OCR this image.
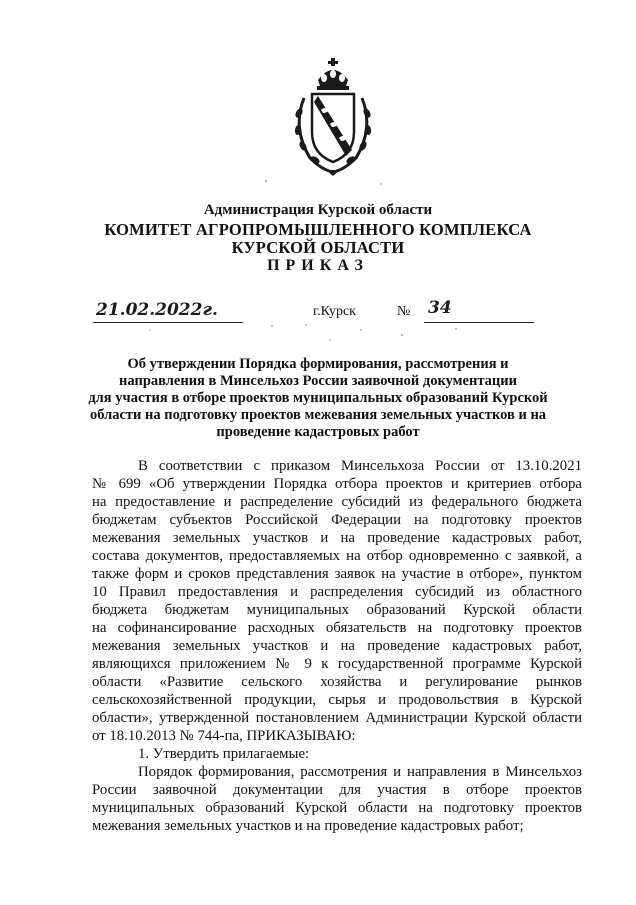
Администрация Курской области
КОМИТЕТ АГРОПРОМЫШЛЕННОГО КОМПЛЕКСА
КУРСКОЙ ОБЛАСТИ
ПРИКАЗ
21.02.2022г.	г.Курск	№ 34
Об утверждении Порядка формирования, рассмотрения и
направления в Минсельхоз России заявочной документации
для участия в отборе проектов муниципальных образований Курской
области на подготовку проектов межевания земельных участков и на
проведение кадастровых работ
В соответствии с приказом Минсельхоза России от 13.10.2021
№ 699 «Об утверждении Порядка отбора проектов и критериев отбора
на предоставление и распределение субсидий из федерального бюджета
бюджетам субъектов Российской Федерации на подготовку проектов
межевания земельных участков и на проведение кадастровых работ,
состава документов, предоставляемых на отбор одновременно с заявкой, а
также форм и сроков представления заявок на участие в отборе», пунктом
10 Правил предоставления и распределения субсидий из областного
бюджета бюджетам муниципальных образований Курской области
на софинансирование расходных обязательств на подготовку проектов
межевания земельных участков и на проведение кадастровых работ,
являющихся приложением № 9 к государственной программе Курской
области «Развитие сельского хозяйства и регулирование рынков
сельскохозяйственной продукции, сырья и продовольствия в Курской
области», утвержденной постановлением Администрации Курской области
от 18.10.2013 № 744-па, ПРИКАЗЫВАЮ:
1. Утвердить прилагаемые:
Порядок формирования, рассмотрения и направления в Минсельхоз
России заявочной документации для участия в отборе проектов
муниципальных образований Курской области на подготовку проектов
межевания земельных участков и на проведение кадастровых работ;
